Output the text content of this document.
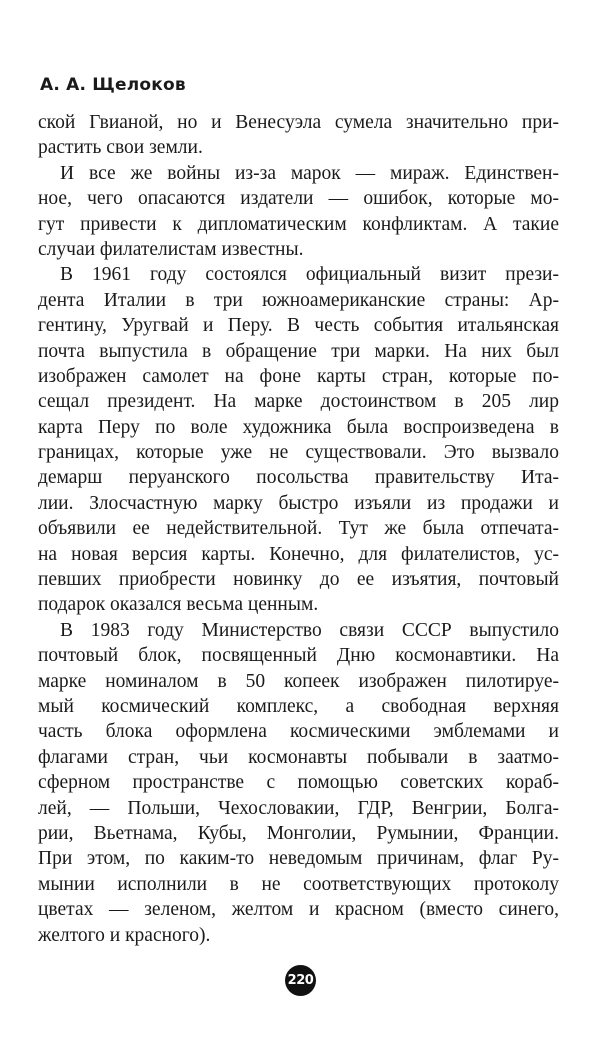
А. А. Щелоков
ской Гвианой, но и Венесуэла сумела значительно при-
растить свои земли.
И все же войны из-за марок — мираж. Единствен-
ное, чего опасаются издатели — ошибок, которые мо-
гут привести к дипломатическим конфликтам. А такие
случаи филателистам известны.
В 1961 году состоялся официальный визит прези-
дента Италии в три южноамериканские страны: Ар-
гентину, Уругвай и Перу. В честь события итальянская
почта выпустила в обращение три марки. На них был
изображен самолет на фоне карты стран, которые по-
сещал президент. На марке достоинством в 205 лир
карта Перу по воле художника была воспроизведена в
границах, которые уже не существовали. Это вызвало
демарш перуанского посольства правительству Ита-
лии. Злосчастную марку быстро изъяли из продажи и
объявили ее недействительной. Тут же была отпечата-
на новая версия карты. Конечно, для филателистов, ус-
певших приобрести новинку до ее изъятия, почтовый
подарок оказался весьма ценным.
В 1983 году Министерство связи СССР выпустило
почтовый блок, посвященный Дню космонавтики. На
марке номиналом в 50 копеек изображен пилотируе-
мый космический комплекс, а свободная верхняя
часть блока оформлена космическими эмблемами и
флагами стран, чьи космонавты побывали в заатмо-
сферном пространстве с помощью советских кораб-
лей, — Польши, Чехословакии, ГДР, Венгрии, Болга-
рии, Вьетнама, Кубы, Монголии, Румынии, Франции.
При этом, по каким-то неведомым причинам, флаг Ру-
мынии исполнили в не соответствующих протоколу
цветах — зеленом, желтом и красном (вместо синего,
желтого и красного).
220
